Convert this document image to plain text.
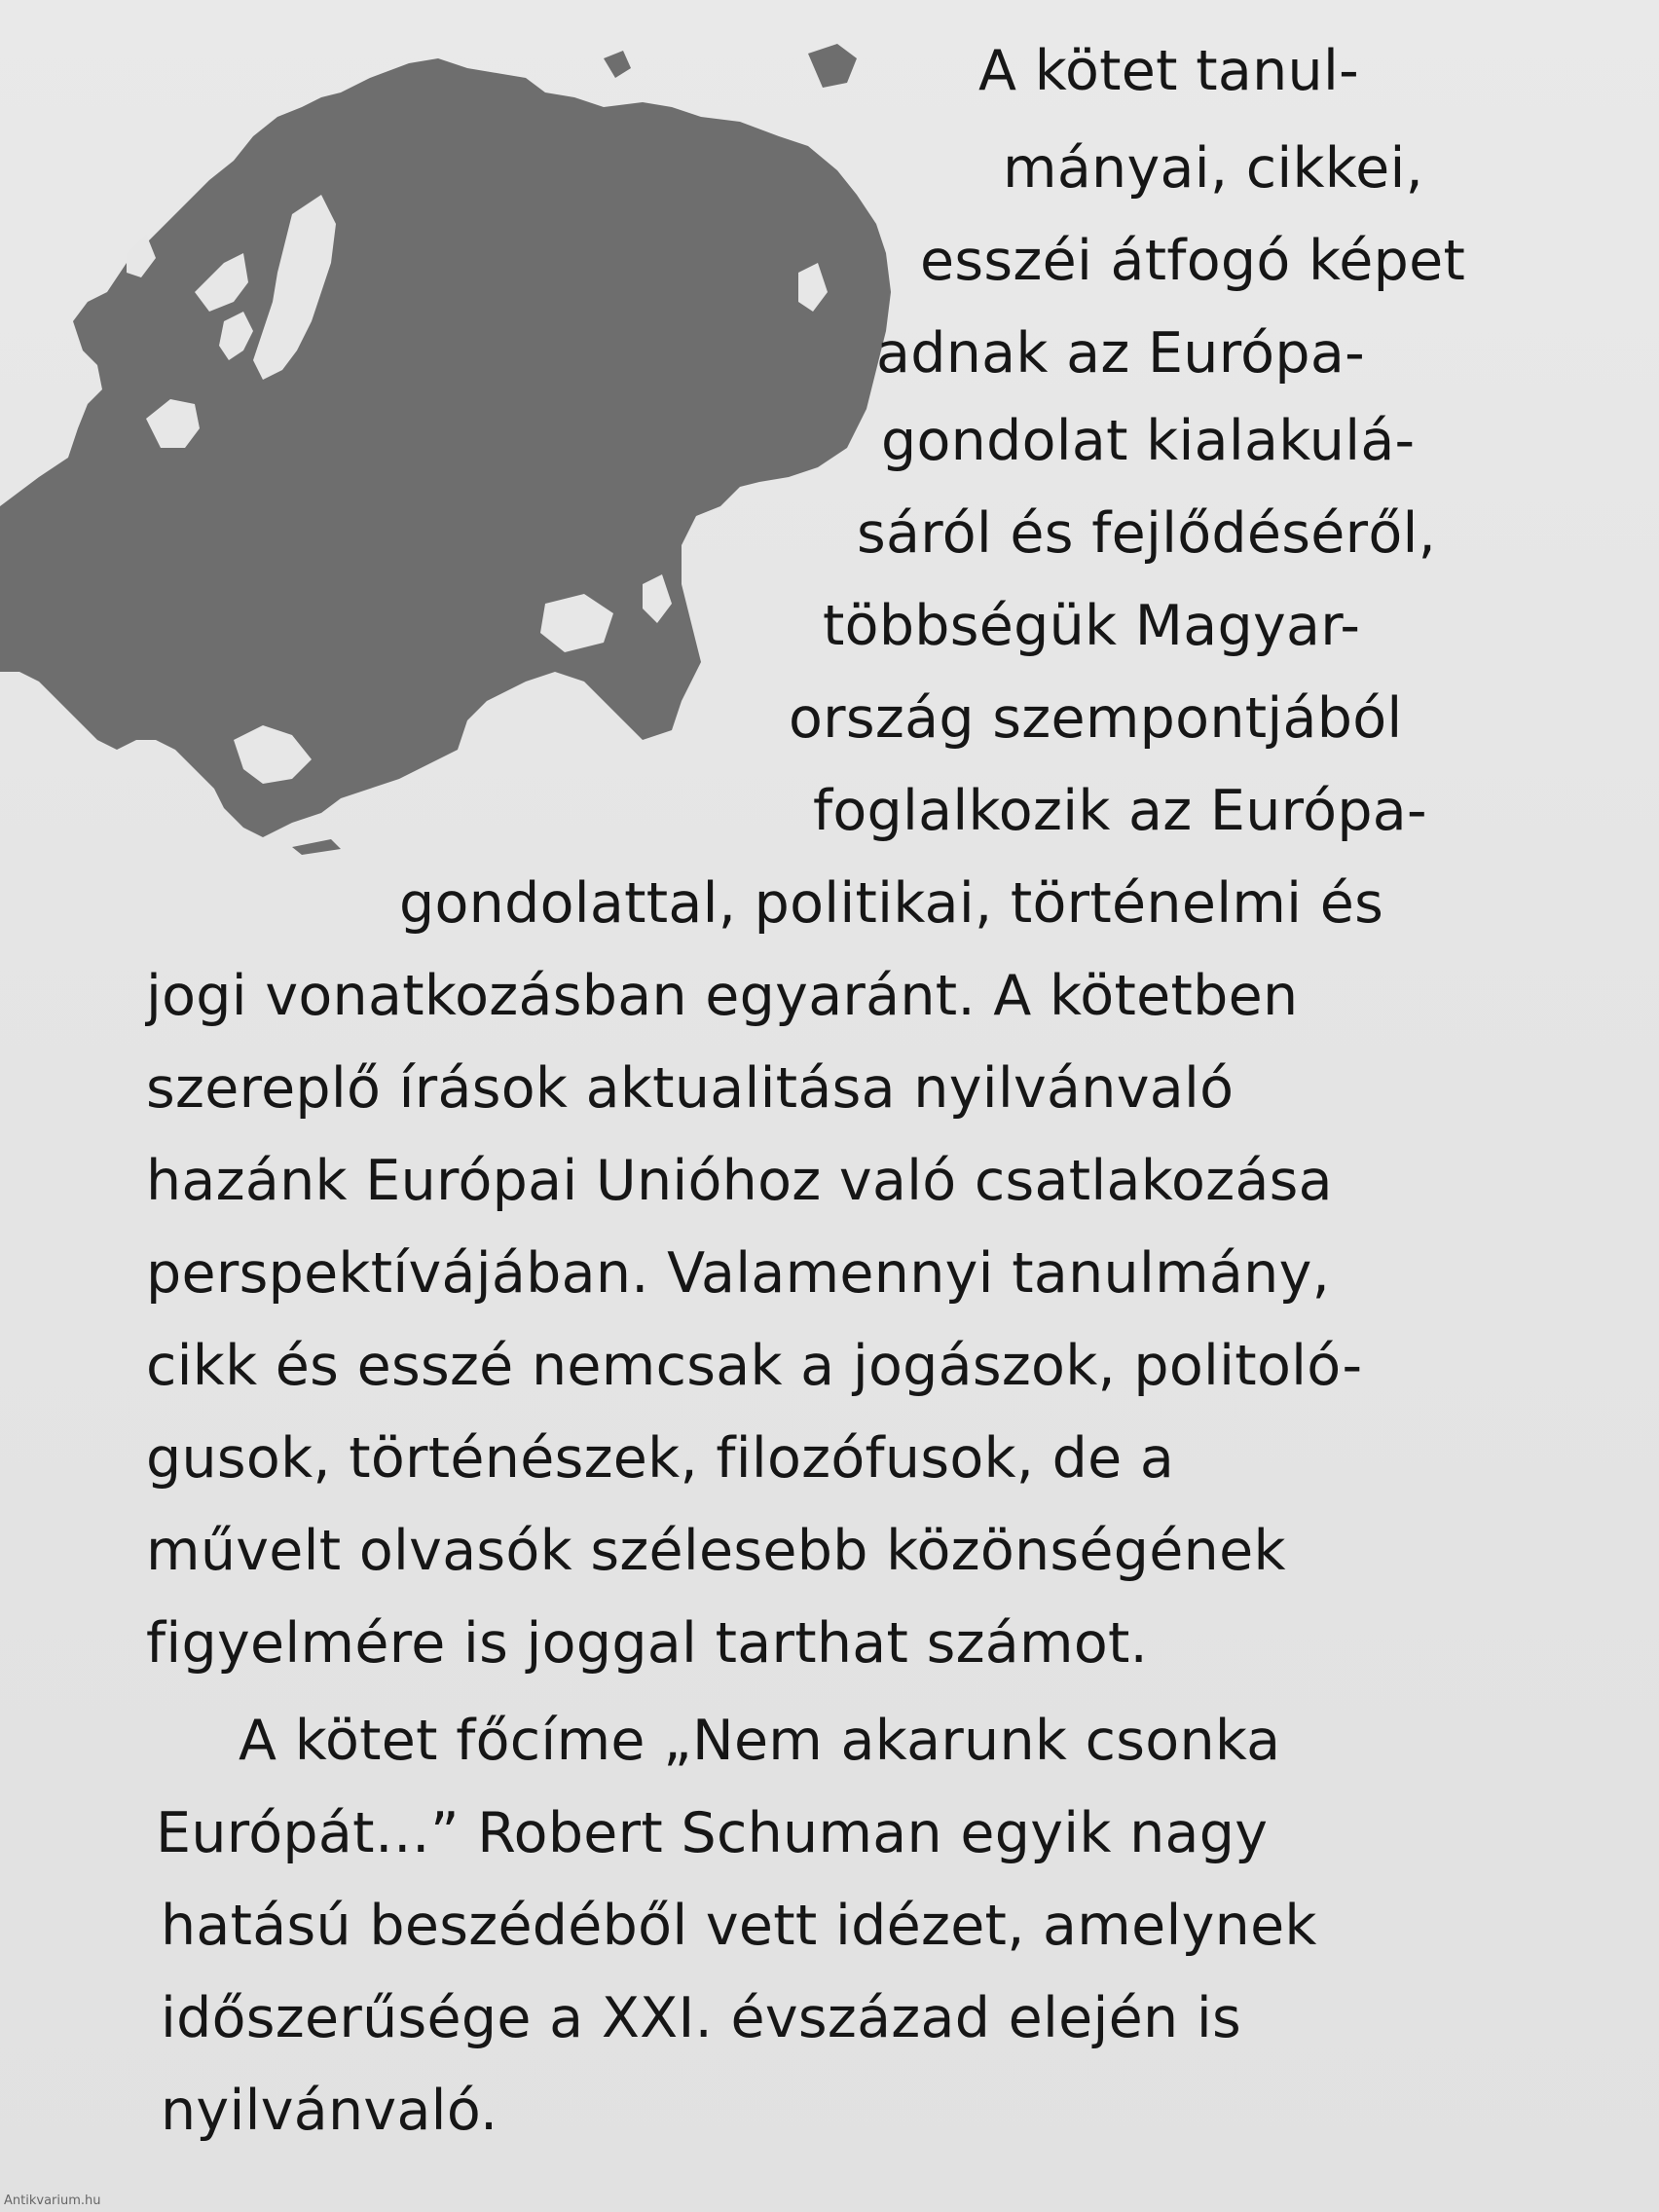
A kötet tanul-
mányai, cikkei,
esszéi átfogó képet
adnak az Európa-
gondolat kialakulá-
sáról és fejlődéséről,
többségük Magyar-
ország szempontjából
foglalkozik az Európa-
gondolattal, politikai, történelmi és
jogi vonatkozásban egyaránt. A kötetben
szereplő írások aktualitása nyilvánvaló
hazánk Európai Unióhoz való csatlakozása
perspektívájában. Valamennyi tanulmány,
cikk és esszé nemcsak a jogászok, politoló-
gusok, történészek, filozófusok, de a
művelt olvasók szélesebb közönségének
figyelmére is joggal tarthat számot.
A kötet főcíme „Nem akarunk csonka
Európát…” Robert Schuman egyik nagy
hatású beszédéből vett idézet, amelynek
időszerűsége a XXI. évszázad elején is
nyilvánvaló.
Antikvarium.hu
